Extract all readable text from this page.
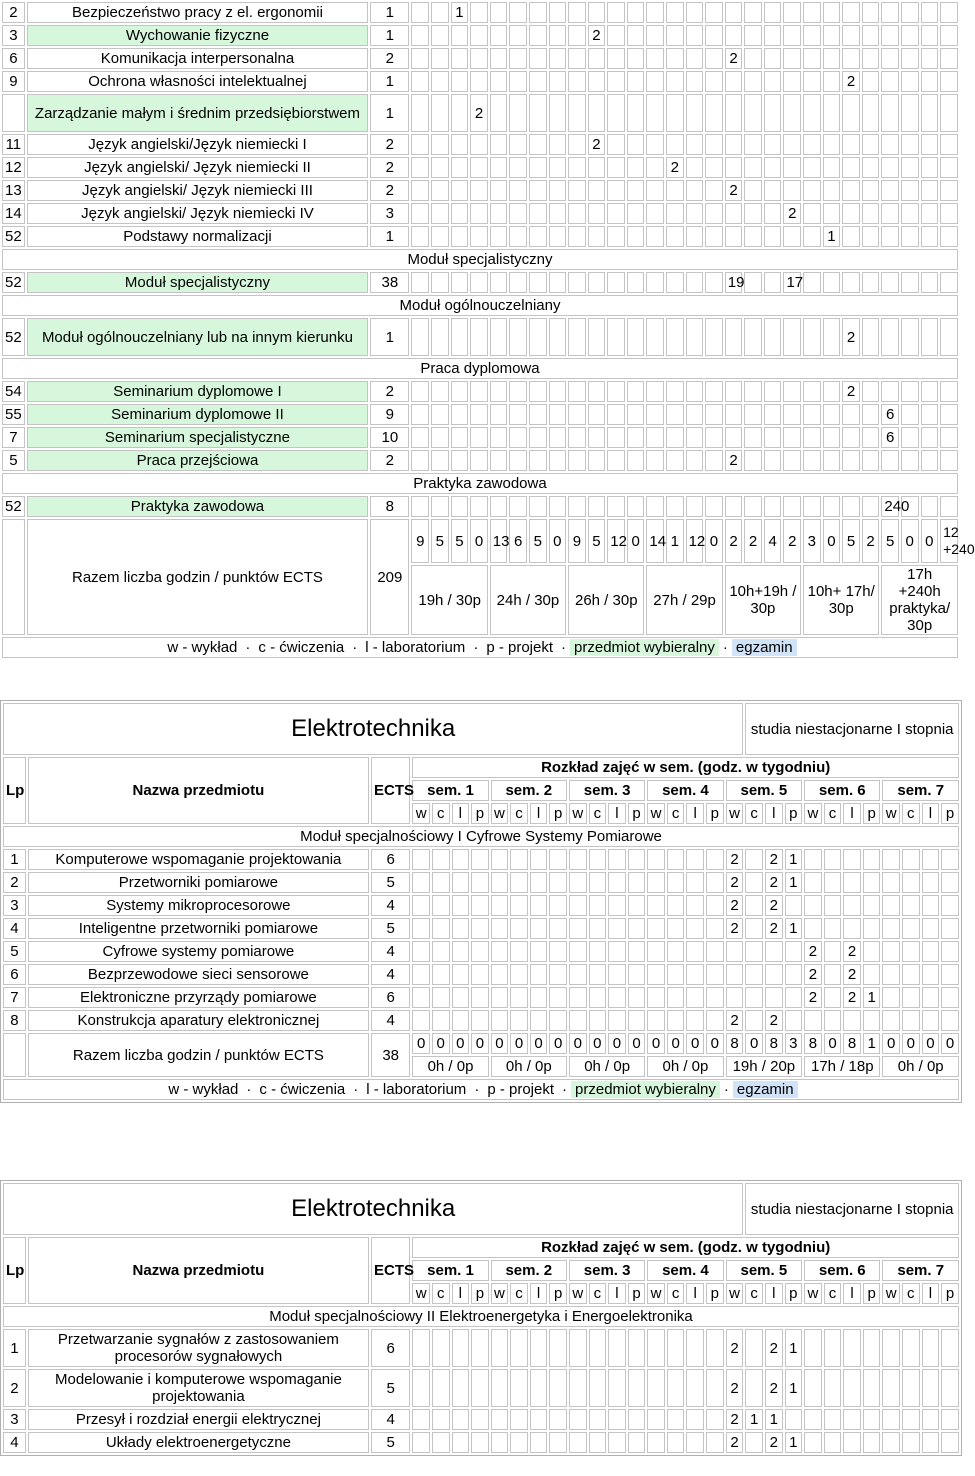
2	Bezpieczeństwo pracy z el. ergonomii	1			1																									
3	Wychowanie fizyczne	1										2																		
6	Komunikacja interpersonalna	2																	2											
9	Ochrona własności intelektualnej	1																							2					
	Zarządzanie małym i średnim przedsiębiorstwem	1				2																								
11	Język angielski/Język niemiecki I	2										2																		
12	Język angielski/ Język niemiecki II	2														2														
13	Język angielski/ Język niemiecki III	2																	2											
14	Język angielski/ Język niemiecki IV	3																				2								
52	Podstawy normalizacji	1																						1						
Moduł specjalistyczny																														
52	Moduł specjalistyczny	38																	19			17								
Moduł ogólnouczelniany																														
52	Moduł ogólnouczelniany lub na innym kierunku	1																							2					
Praca dyplomowa																														
54	Seminarium dyplomowe I	2																							2					
55	Seminarium dyplomowe II	9																									6			
7	Seminarium specjalistyczne	10																									6			
5	Praca przejściowa	2																	2											
Praktyka zawodowa																														
52	Praktyka zawodowa	8																									240			
	Razem liczba godzin / punktów ECTS	209	9	5	5	0	13	6	5	0	9	5	12	0	14	1	12	0	2	2	4	2	3	0	5	2	5	0	0	12 +240
			19h / 30p				24h / 30p				26h / 30p				27h / 29p				10h+19h / 30p				10h+ 17h/ 30p				17h +240h praktyka/ 30p			
w - wykład · c - ćwiczenia · l - laboratorium · p - projekt · przedmiot wybieralny · egzamin																														
Elektrotechnika																				studia niestacjonarne I stopnia										
Lp	Nazwa przedmiotu	ECTS	Rozkład zajęć w sem. (godz. w tygodniu)																											
			sem. 1				sem. 2				sem. 3				sem. 4				sem. 5				sem. 6				sem. 7			
			w	c	l	p	w	c	l	p	w	c	l	p	w	c	l	p	w	c	l	p	w	c	l	p	w	c	l	p
Moduł specjalnościowy I Cyfrowe Systemy Pomiarowe																														
1	Komputerowe wspomaganie projektowania	6																	2		2	1								
2	Przetworniki pomiarowe	5																	2		2	1								
3	Systemy mikroprocesorowe	4																	2		2									
4	Inteligentne przetworniki pomiarowe	5																	2		2	1								
5	Cyfrowe systemy pomiarowe	4																					2		2					
6	Bezprzewodowe sieci sensorowe	4																					2		2					
7	Elektroniczne przyrządy pomiarowe	6																					2		2	1				
8	Konstrukcja aparatury elektronicznej	4																	2		2									
	Razem liczba godzin / punktów ECTS	38	0	0	0	0	0	0	0	0	0	0	0	0	0	0	0	0	8	0	8	3	8	0	8	1	0	0	0	0
			0h / 0p				0h / 0p				0h / 0p				0h / 0p				19h / 20p				17h / 18p				0h / 0p			
w - wykład · c - ćwiczenia · l - laboratorium · p - projekt · przedmiot wybieralny · egzamin																														
Elektrotechnika																				studia niestacjonarne I stopnia										
Lp	Nazwa przedmiotu	ECTS	Rozkład zajęć w sem. (godz. w tygodniu)																											
			sem. 1				sem. 2				sem. 3				sem. 4				sem. 5				sem. 6				sem. 7			
			w	c	l	p	w	c	l	p	w	c	l	p	w	c	l	p	w	c	l	p	w	c	l	p	w	c	l	p
Moduł specjalnościowy II Elektroenergetyka i Energoelektronika																														
1	Przetwarzanie sygnałów z zastosowaniem procesorów sygnałowych	6																	2		2	1								
2	Modelowanie i komputerowe wspomaganie projektowania	5																	2		2	1								
3	Przesył i rozdział energii elektrycznej	4																	2	1	1									
4	Układy elektroenergetyczne	5																	2		2	1								
